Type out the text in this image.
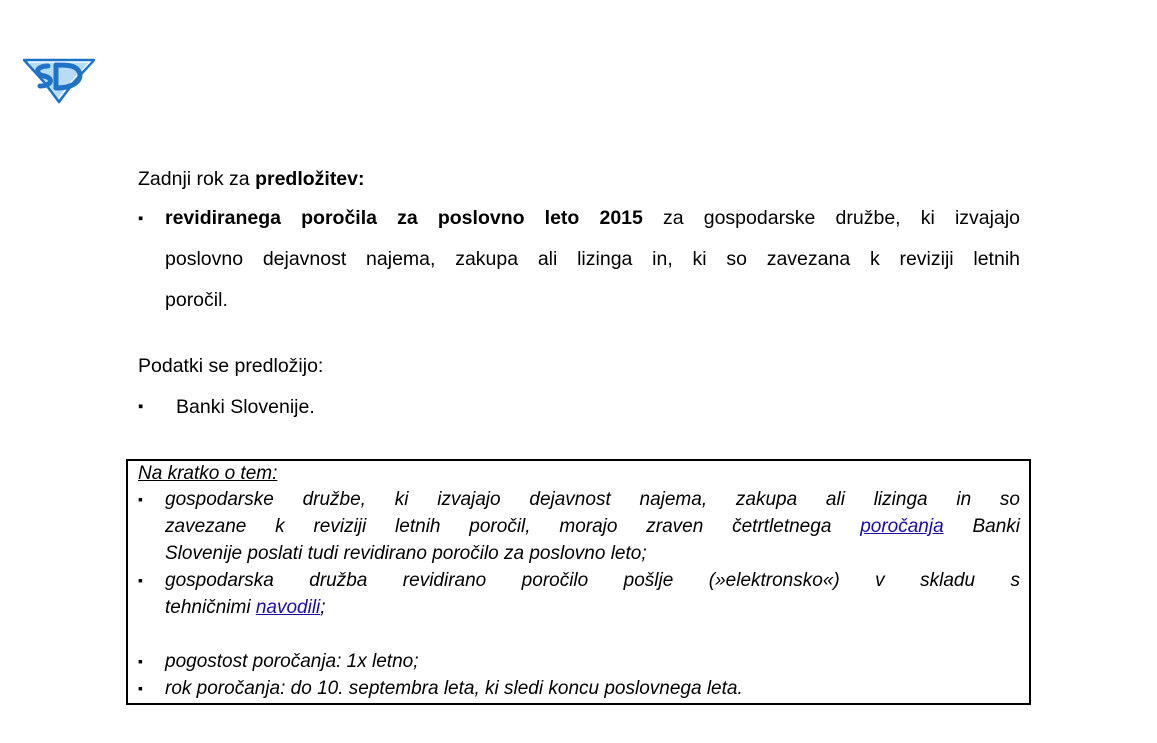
Zadnji rok za predložitev:
▪ revidiranega poročila za poslovno leto 2015 za gospodarske družbe, ki izvajajo
poslovno dejavnost najema, zakupa ali lizinga in, ki so zavezana k reviziji letnih
poročil.
Podatki se predložijo:
▪ Banki Slovenije.
Na kratko o tem:
▪ gospodarske družbe, ki izvajajo dejavnost najema, zakupa ali lizinga in so
zavezane k reviziji letnih poročil, morajo zraven četrtletnega poročanja Banki
Slovenije poslati tudi revidirano poročilo za poslovno leto;
▪ gospodarska družba revidirano poročilo pošlje (»elektronsko«) v skladu s
tehničnimi navodili;
▪ pogostost poročanja: 1x letno;
▪ rok poročanja: do 10. septembra leta, ki sledi koncu poslovnega leta.
